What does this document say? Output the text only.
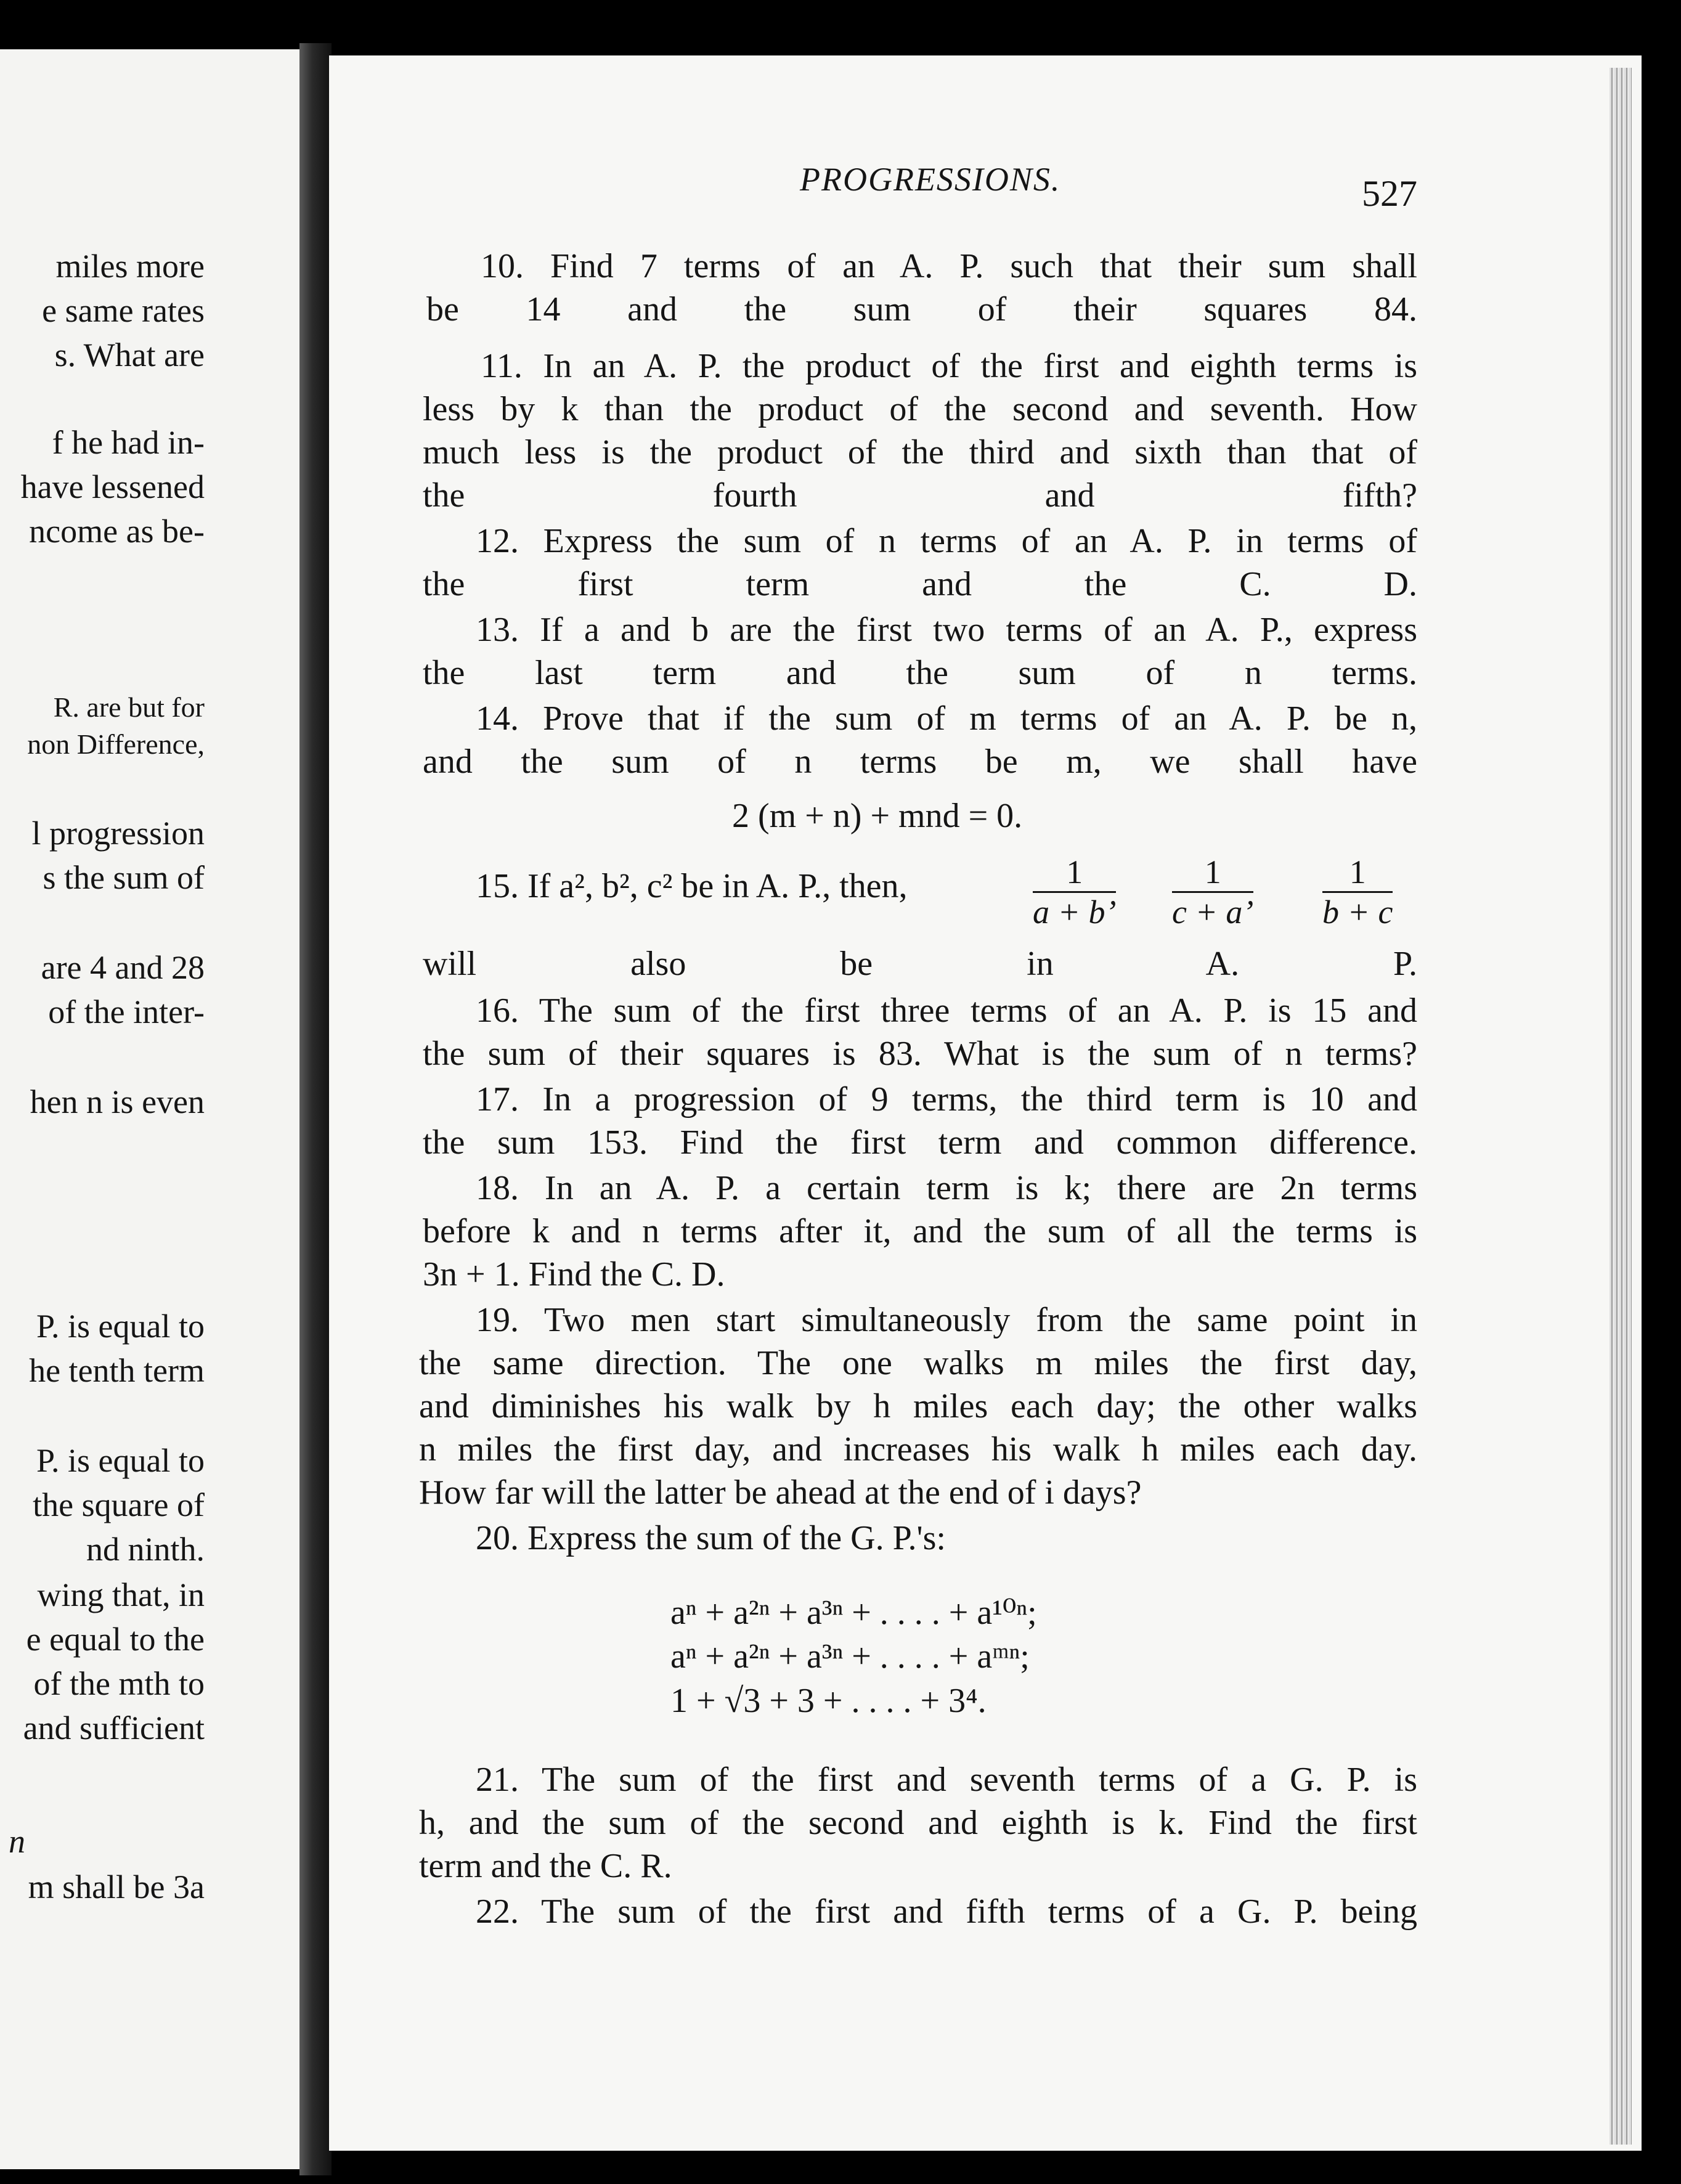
miles more
e same rates
s. What are
f he had in-
have lessened
ncome as be-
R. are but for
non Difference,
l progression
s the sum of
are 4 and 28
of the inter-
hen n is even
P. is equal to
he tenth term
P. is equal to
the square of
nd ninth.
wing that, in
e equal to the
of the mth to
and sufficient
n
m shall be 3a
PROGRESSIONS.	527
10. Find 7 terms of an A. P. such that their sum shall
be 14 and the sum of their squares 84.
11. In an A. P. the product of the first and eighth terms is
less by k than the product of the second and seventh. How
much less is the product of the third and sixth than that of
the fourth and fifth?
12. Express the sum of n terms of an A. P. in terms of
the first term and the C. D.
13. If a and b are the first two terms of an A. P., express
the last term and the sum of n terms.
14. Prove that if the sum of m terms of an A. P. be n,
and the sum of n terms be m, we shall have
15. If a², b², c² be in A. P., then,
will also be in A. P.
16. The sum of the first three terms of an A. P. is 15 and
the sum of their squares is 83. What is the sum of n terms?
17. In a progression of 9 terms, the third term is 10 and
the sum 153. Find the first term and common difference.
18. In an A. P. a certain term is k; there are 2n terms
before k and n terms after it, and the sum of all the terms is
3n + 1. Find the C. D.
19. Two men start simultaneously from the same point in
the same direction. The one walks m miles the first day,
and diminishes his walk by h miles each day; the other walks
n miles the first day, and increases his walk h miles each day.
How far will the latter be ahead at the end of i days?
20. Express the sum of the G. P.'s:
21. The sum of the first and seventh terms of a G. P. is
h, and the sum of the second and eighth is k. Find the first
term and the C. R.
22. The sum of the first and fifth terms of a G. P. being
2 (m + n) + mnd = 0.
$\frac{1}{a + b’} \frac{1}{c + a’} \frac{1}{b + c}$
aⁿ + a²ⁿ + a³ⁿ + . . . . + a¹⁰ⁿ;
aⁿ + a²ⁿ + a³ⁿ + . . . . + aᵐⁿ;
1 + √3 + 3 + . . . . + 3⁴.
